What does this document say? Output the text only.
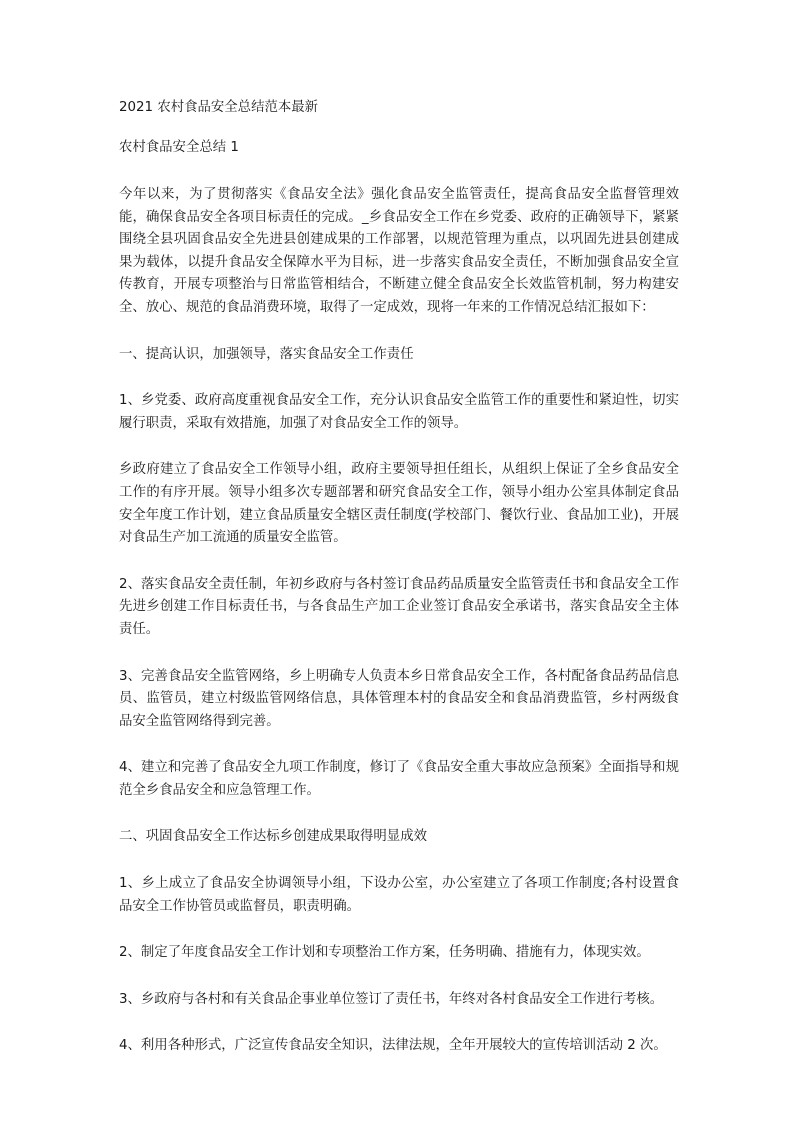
2021 农村食品安全总结范本最新

农村食品安全总结 1

今年以来，为了贯彻落实《食品安全法》强化食品安全监管责任，提高食品安全监督管理效能，确保食品安全各项目标责任的完成。_乡食品安全工作在乡党委、政府的正确领导下，紧紧围绕全县巩固食品安全先进县创建成果的工作部署，以规范管理为重点，以巩固先进县创建成果为载体，以提升食品安全保障水平为目标，进一步落实食品安全责任，不断加强食品安全宣传教育，开展专项整治与日常监管相结合，不断建立健全食品安全长效监管机制，努力构建安全、放心、规范的食品消费环境，取得了一定成效，现将一年来的工作情况总结汇报如下：

一、提高认识，加强领导，落实食品安全工作责任

1、乡党委、政府高度重视食品安全工作，充分认识食品安全监管工作的重要性和紧迫性，切实履行职责，采取有效措施，加强了对食品安全工作的领导。

乡政府建立了食品安全工作领导小组，政府主要领导担任组长，从组织上保证了全乡食品安全工作的有序开展。领导小组多次专题部署和研究食品安全工作，领导小组办公室具体制定食品安全年度工作计划，建立食品质量安全辖区责任制度(学校部门、餐饮行业、食品加工业)，开展对食品生产加工流通的质量安全监管。

2、落实食品安全责任制，年初乡政府与各村签订食品药品质量安全监管责任书和食品安全工作先进乡创建工作目标责任书，与各食品生产加工企业签订食品安全承诺书，落实食品安全主体责任。

3、完善食品安全监管网络，乡上明确专人负责本乡日常食品安全工作，各村配备食品药品信息员、监管员，建立村级监管网络信息，具体管理本村的食品安全和食品消费监管，乡村两级食品安全监管网络得到完善。

4、建立和完善了食品安全九项工作制度，修订了《食品安全重大事故应急预案》全面指导和规范全乡食品安全和应急管理工作。

二、巩固食品安全工作达标乡创建成果取得明显成效

1、乡上成立了食品安全协调领导小组，下设办公室，办公室建立了各项工作制度;各村设置食品安全工作协管员或监督员，职责明确。

2、制定了年度食品安全工作计划和专项整治工作方案，任务明确、措施有力，体现实效。

3、乡政府与各村和有关食品企事业单位签订了责任书，年终对各村食品安全工作进行考核。

4、利用各种形式，广泛宣传食品安全知识，法律法规，全年开展较大的宣传培训活动 2 次。
